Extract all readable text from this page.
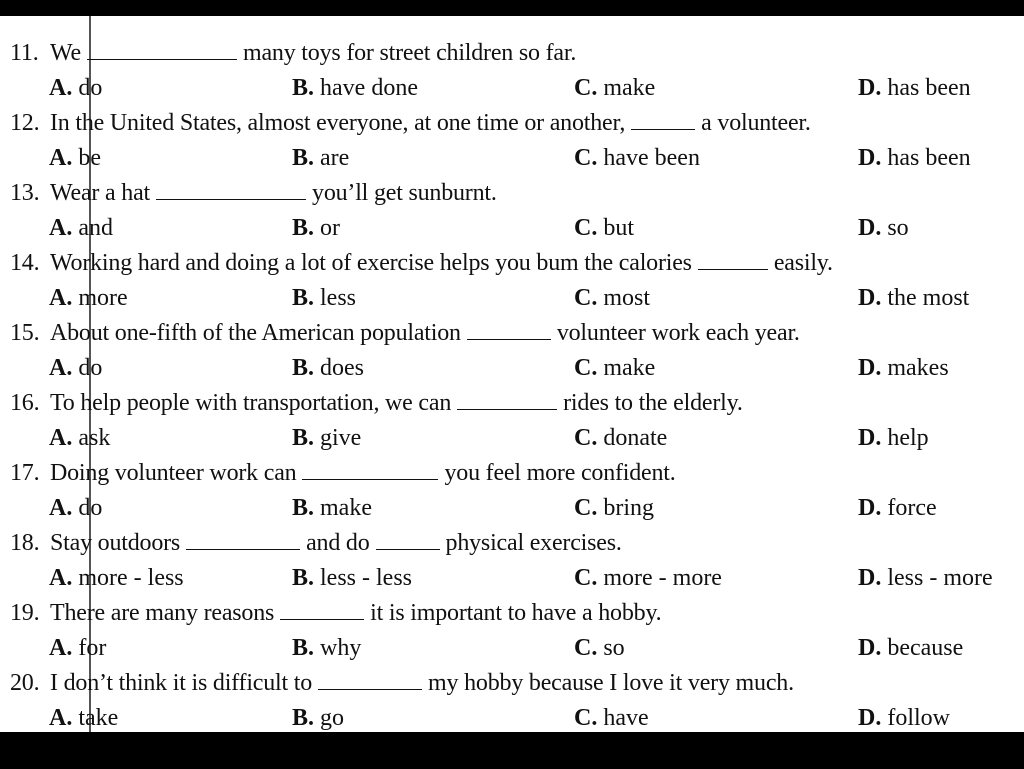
11. We	many toys for street children so far.
A. do	B. have done	C. make	D. has been
12. In the United States, almost everyone, at one time or another,	a volunteer.
A. be	B. are	C. have been	D. has been
13. Wear a hat	you’ll get sunburnt.
A. and	B. or	C. but	D. so
14. Working hard and doing a lot of exercise helps you bum the calories	easily.
A. more	B. less	C. most	D. the most
15. About one-fifth of the American population	volunteer work each year.
A. do	B. does	C. make	D. makes
16. To help people with transportation, we can	rides to the elderly.
A. ask	B. give	C. donate	D. help
17. Doing volunteer work can	you feel more confident.
A. do	B. make	C. bring	D. force
18. Stay outdoors	and do	physical exercises.
A. more - less	B. less - less	C. more - more	D. less - more
19. There are many reasons	it is important to have a hobby.
A. for	B. why	C. so	D. because
20. I don’t think it is difficult to	my hobby because I love it very much.
A. take	B. go	C. have	D. follow
